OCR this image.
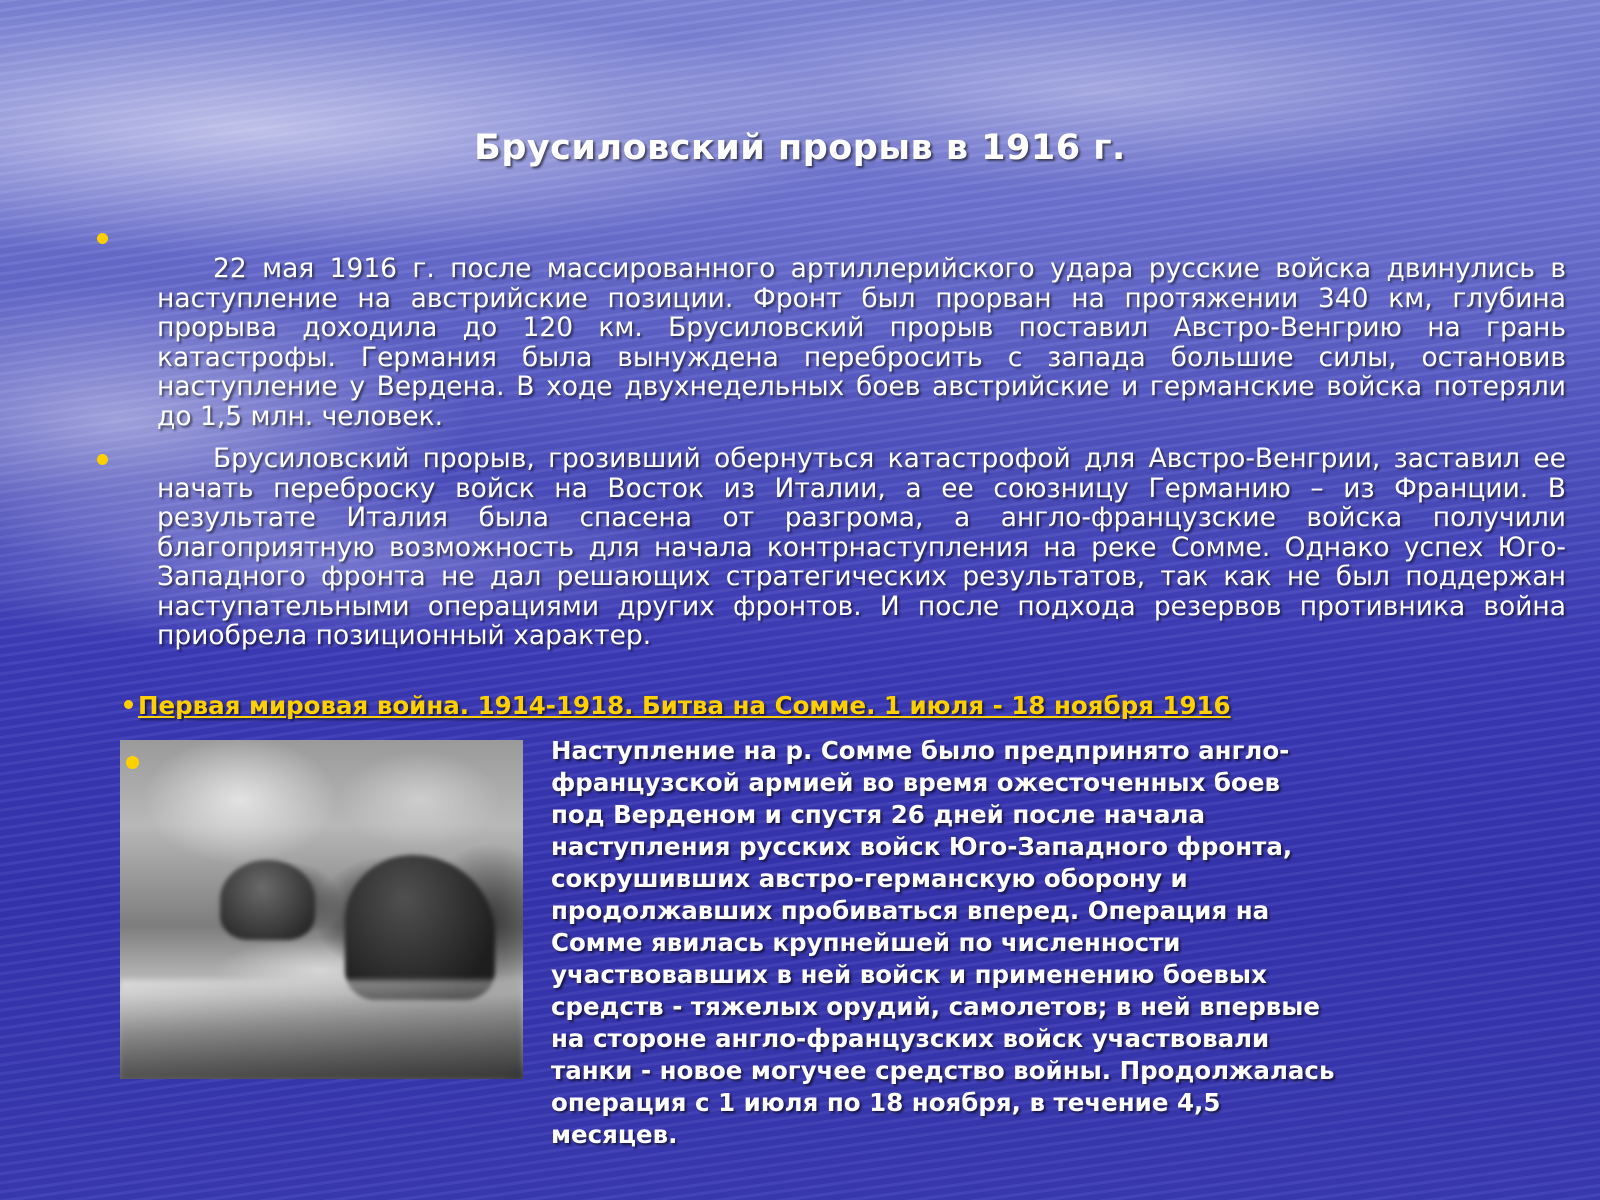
Брусиловский прорыв в 1916 г.
22 мая 1916 г. после массированного артиллерийского удара русские войска двинулись в наступление на австрийские позиции. Фронт был прорван на протяжении 340 км, глубина прорыва доходила до 120 км. Брусиловский прорыв поставил Австро-Венгрию на грань катастрофы. Германия была вынуждена перебросить с запада большие силы, остановив наступление у Вердена. В ходе двухнедельных боев австрийские и германские войска потеряли до 1,5 млн. человек.
Брусиловский прорыв, грозивший обернуться катастрофой для Австро-Венгрии, заставил ее начать переброску войск на Восток из Италии, а ее союзницу Германию – из Франции. В результате Италия была спасена от разгрома, а англо-французские войска получили благоприятную возможность для начала контрнаступления на реке Сомме. Однако успех Юго-Западного фронта не дал решающих стратегических результатов, так как не был поддержан наступательными операциями других фронтов. И после подхода резервов противника война приобрела позиционный характер.
Первая мировая война. 1914-1918. Битва на Сомме. 1 июля - 18 ноября 1916
Наступление на р. Сомме было предпринято англо-французской армией во время ожесточенных боев под Верденом и спустя 26 дней после начала наступления русских войск Юго-Западного фронта, сокрушивших австро-германскую оборону и продолжавших пробиваться вперед. Операция на Сомме явилась крупнейшей по численности участвовавших в ней войск и применению боевых средств - тяжелых орудий, самолетов; в ней впервые на стороне англо-французских войск участвовали танки - новое могучее средство войны. Продолжалась операция с 1 июля по 18 ноября, в течение 4,5 месяцев.
